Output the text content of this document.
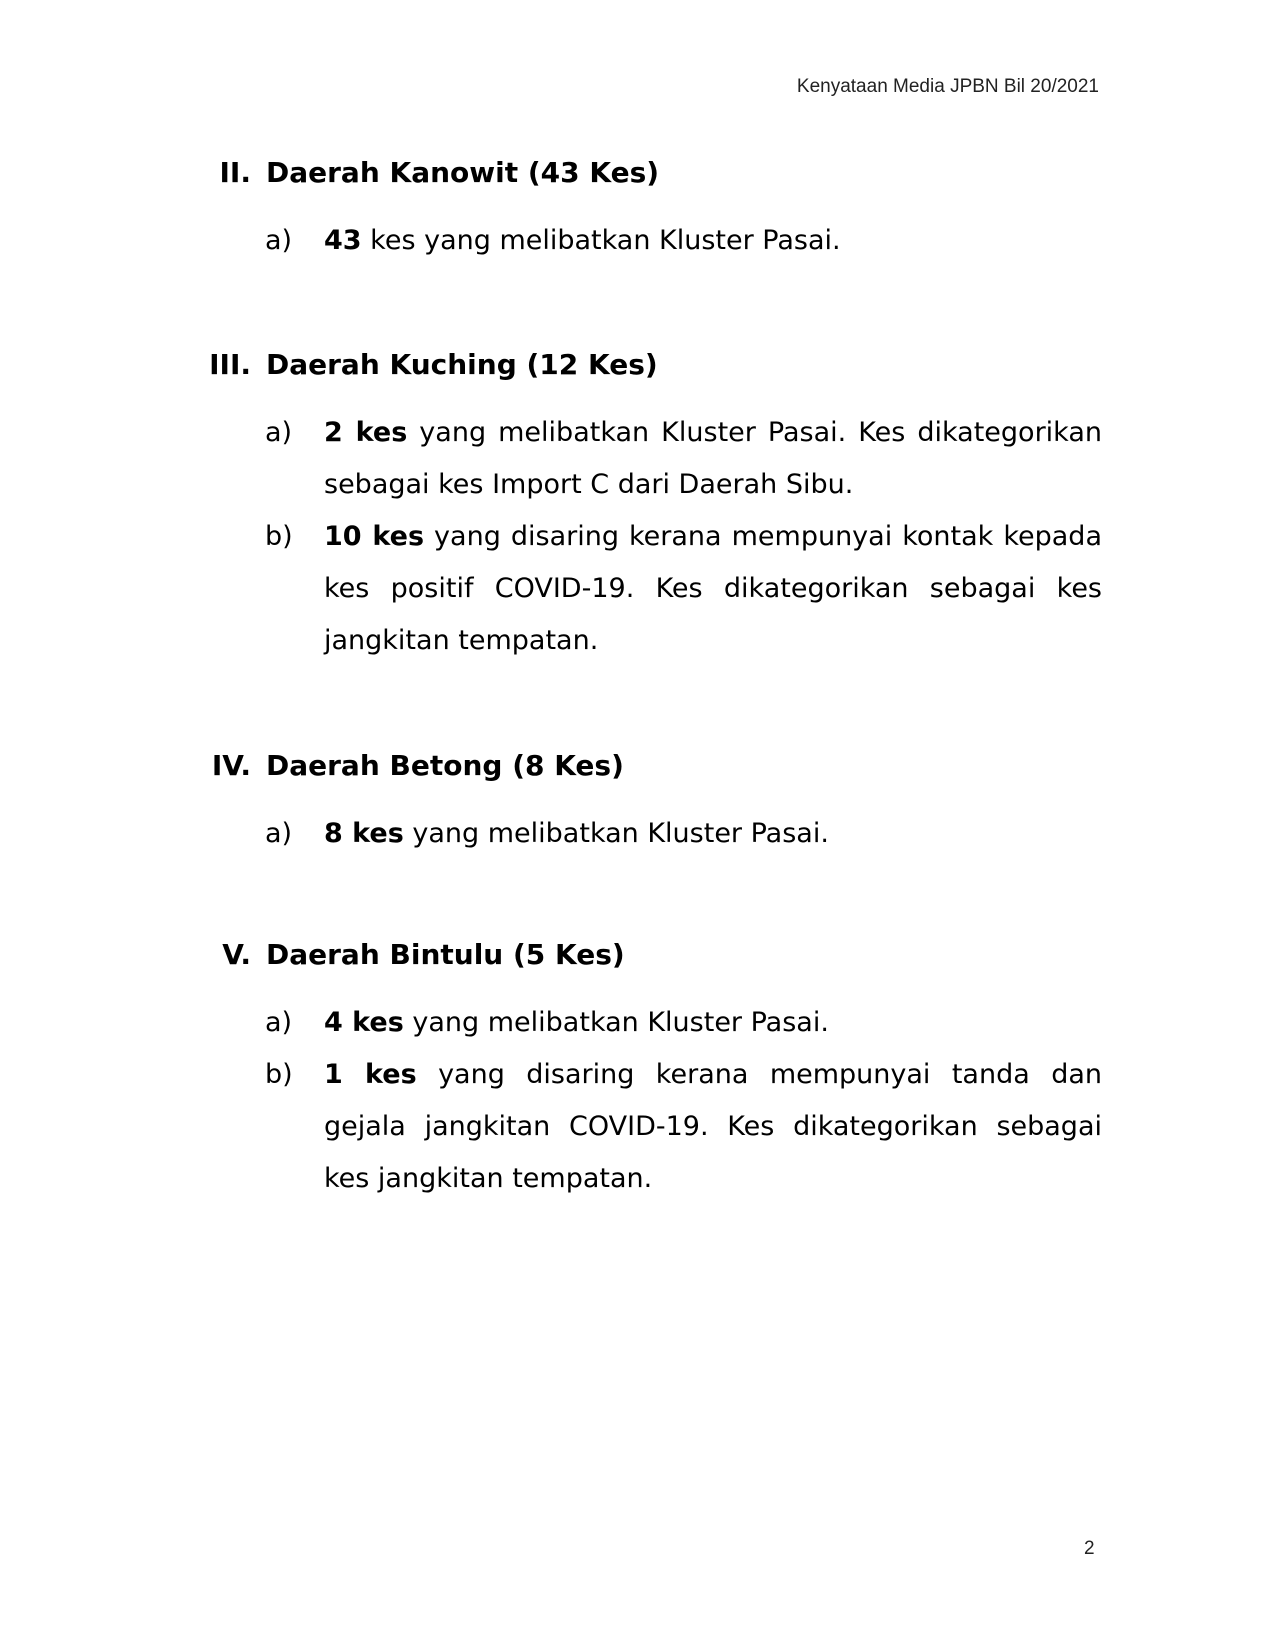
Kenyataan Media JPBN Bil 20/2021
II. Daerah Kanowit (43 Kes)
a) 43 kes yang melibatkan Kluster Pasai.
III. Daerah Kuching (12 Kes)
a) 2 kes yang melibatkan Kluster Pasai. Kes dikategorikan sebagai kes Import C dari Daerah Sibu.
b) 10 kes yang disaring kerana mempunyai kontak kepada kes positif COVID-19. Kes dikategorikan sebagai kes jangkitan tempatan.
IV. Daerah Betong (8 Kes)
a) 8 kes yang melibatkan Kluster Pasai.
V. Daerah Bintulu (5 Kes)
a) 4 kes yang melibatkan Kluster Pasai.
b) 1 kes yang disaring kerana mempunyai tanda dan gejala jangkitan COVID-19. Kes dikategorikan sebagai kes jangkitan tempatan.
2
